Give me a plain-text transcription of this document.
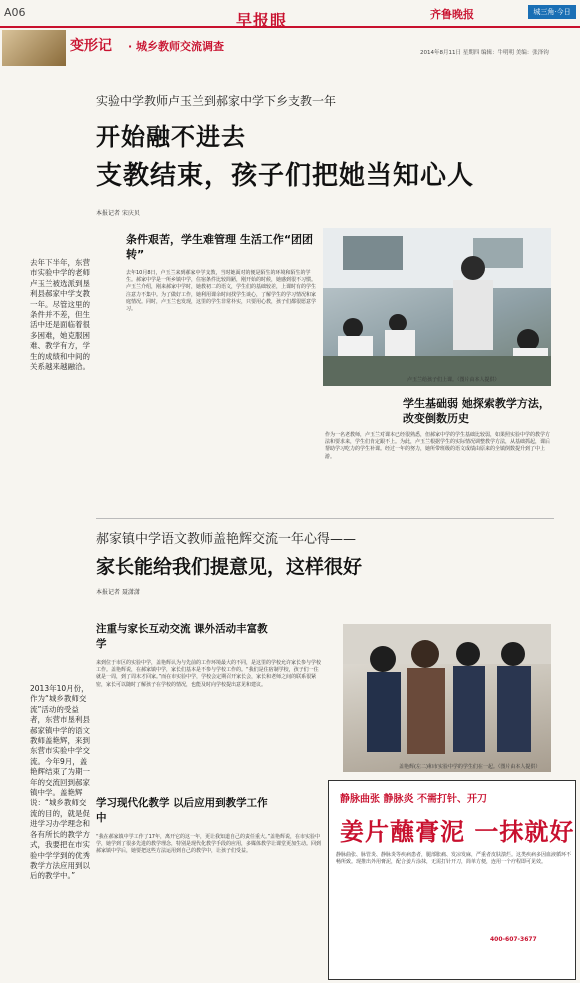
A06	早报眼	齐鲁晚报	城三角·今日
变形记 · 城乡教师交流调查	2014年8月11日 星期四 编辑：牛明明 美编：张泽钧
实验中学教师卢玉兰到郝家中学下乡支教一年
开始融不进去
支教结束，孩子们把她当知心人
本报记者 宋庆贝
去年下半年，东营市实验中学的老师卢玉兰被选派到垦利县郝家中学支教一年。尽管这里的条件并不差，但生活中还是面临着很多困难，她克服困难、教学有方，学生的成绩和中间的关系越来越融洽。
条件艰苦，学生难管理 生活工作“团团转”
去年10月8日，卢玉兰来到郝家中学支教，当时她面对的便是陌生的环境和陌生的学生。郝家中学是一所乡镇中学，住宿条件比较简陋，刚开始的时候，她感到很不习惯。卢玉兰介绍，刚来郝家中学时，她教初二的语文，学生们的基础较差，上课时有的学生注意力不集中。为了做好工作，她利用课余时间找学生谈心，了解学生的学习情况和家庭情况。同时，卢玉兰也发现，这里的学生非常朴实，只要用心教，孩子们都很愿意学习。
卢玉兰给孩子们上课。（图片由本人提供）
学生基础弱 她探索教学方法，改变倒数历史
作为一名老教师，卢玉兰对课本已经很熟悉，但郝家中学的学生基础比较弱，如果照实验中学的教学方法和要求来，学生们肯定跟不上。为此，卢玉兰根据学生的实际情况调整教学方法，从基础抓起，课后帮助学习吃力的学生补课。经过一年的努力，她所带班级的语文成绩由原来的全镇倒数提升到了中上游。
郝家镇中学语文教师盖艳辉交流一年心得——
家长能给我们提意见，这样很好
本报记者 聂潇潇
2013年10月份，作为“城乡教师交流”活动的受益者，东营市垦利县郝家镇中学的语文教师盖艳辉，来到东营市实验中学交流。今年9月，盖艳辉结束了为期一年的交流回到郝家镇中学。盖艳辉说：“城乡教师交流的目的，就是促进学习办学理念和各有所长的教学方式，我要把在市实验中学学到的优秀教学方法应用到以后的教学中。”
注重与家长互动交流 课外活动丰富教学
来到位于市区的实验中学，盖艳辉认为与先前的工作环境最大的不同，是这里的学校允许家长参与学校工作。盖艳辉说，在郝家镇中学，家长们基本是不参与学校工作的。“我们是住宿制学校，孩子们一住就是一周，到了周末才回家。”而在市实验中学，学校会定期召开家长会，家长和老师之间的联系很紧密，家长可以随时了解孩子在学校的情况，也能及时向学校提出意见和建议。
盖艳辉(左二)和市实验中学的学生们在一起。（图片由本人提供）
学习现代化教学 以后应用到教学工作中
“我在郝家镇中学工作了17年，离开它的这一年，更让我知道自己的责任重大。”盖艳辉说，在市实验中学，她学到了很多先进的教学理念，特别是现代化教学手段的应用，多媒体教学让课堂更加生动。回到郝家镇中学后，她要把这些方法运用到自己的教学中，让孩子们受益。
静脉曲张 静脉炎 不需打针、开刀
姜片蘸膏泥 一抹就好
静脉曲张、脉管炎、静脉炎等疾病患者，腿部胀痛、发凉发麻，严重者皮肤溃烂。这类疾病多因血液循环不畅所致。现推出外用膏泥，配合姜片涂抹，无需打针开刀，简单方便，连用一个疗程即可见效。
400-607-3677
